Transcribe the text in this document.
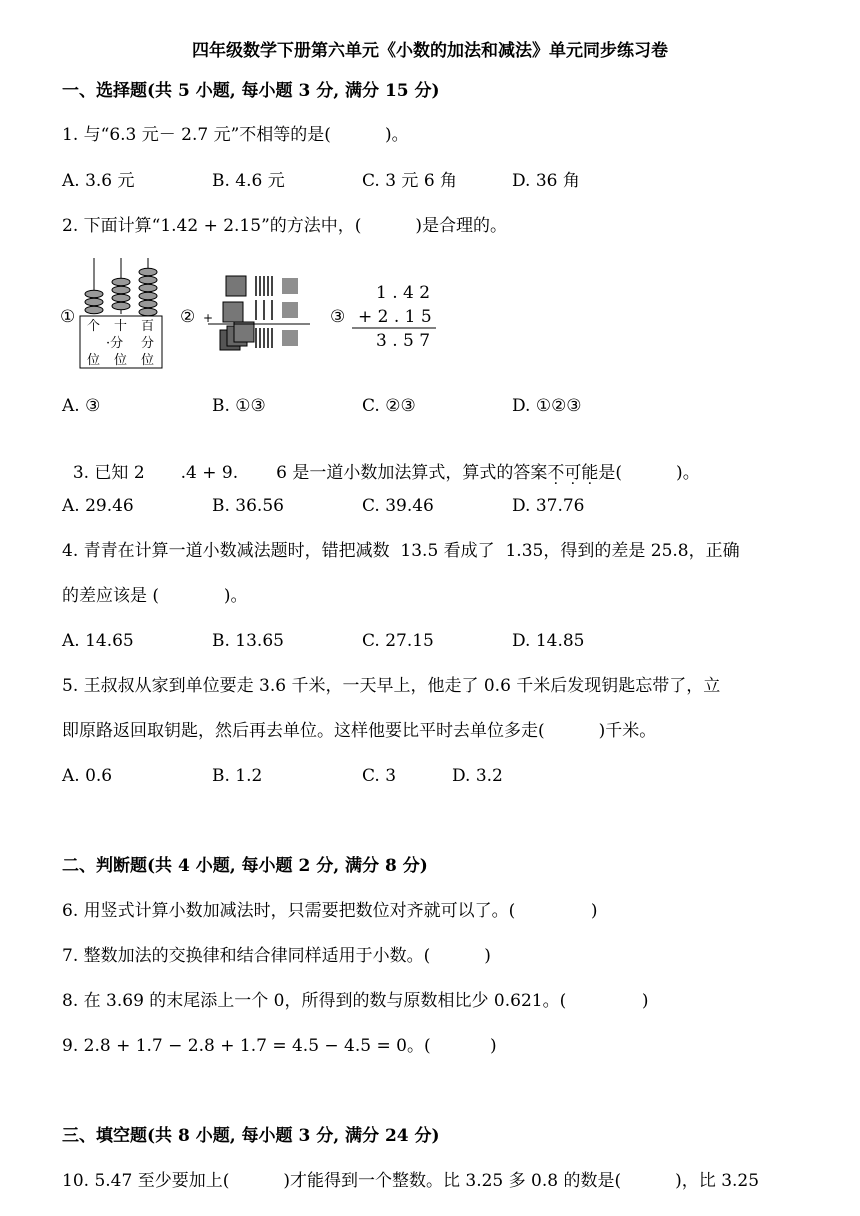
四年级数学下册第六单元《小数的加法和减法》单元同步练习卷
一、选择题(共 5 小题, 每小题 3 分, 满分 15 分)
1. 与“6.3 元－ 2.7 元”不相等的是(          )。
A. 3.6 元	B. 4.6 元	C. 3 元 6 角	D. 36 角
2. 下面计算“1.42 + 2.15”的方法中，(          )是合理的。
① 个 十 百
·分 分
位 位 位
② +	③
1 . 4 2
+ 2 . 1 5
3 . 5 7
A. ③	B. ①③	C. ②③	D. ①②③

3. 已知 2 .4 + 9. 6 是一道小数加法算式，算式的答案不可能是(          )。

A. 29.46	B. 36.56	C. 39.46	D. 37.76
4. 青青在计算一道小数减法题时，错把减数  13.5 看成了  1.35，得到的差是 25.8，正确
的差应该是 (            )。
A. 14.65	B. 13.65	C. 27.15	D. 14.85
5. 王叔叔从家到单位要走 3.6 千米，一天早上，他走了 0.6 千米后发现钥匙忘带了，立
即原路返回取钥匙，然后再去单位。这样他要比平时去单位多走(          )千米。
A. 0.6	B. 1.2	C. 3	D. 3.2
二、判断题(共 4 小题, 每小题 2 分, 满分 8 分)
6. 用竖式计算小数加减法时，只需要把数位对齐就可以了。(              )
7. 整数加法的交换律和结合律同样适用于小数。(          )
8. 在 3.69 的末尾添上一个 0，所得到的数与原数相比少 0.621。(              )
9. 2.8 + 1.7 − 2.8 + 1.7 = 4.5 − 4.5 = 0。(           )
三、填空题(共 8 小题, 每小题 3 分, 满分 24 分)
10. 5.47 至少要加上(          )才能得到一个整数。比 3.25 多 0.8 的数是(          )，比 3.25
